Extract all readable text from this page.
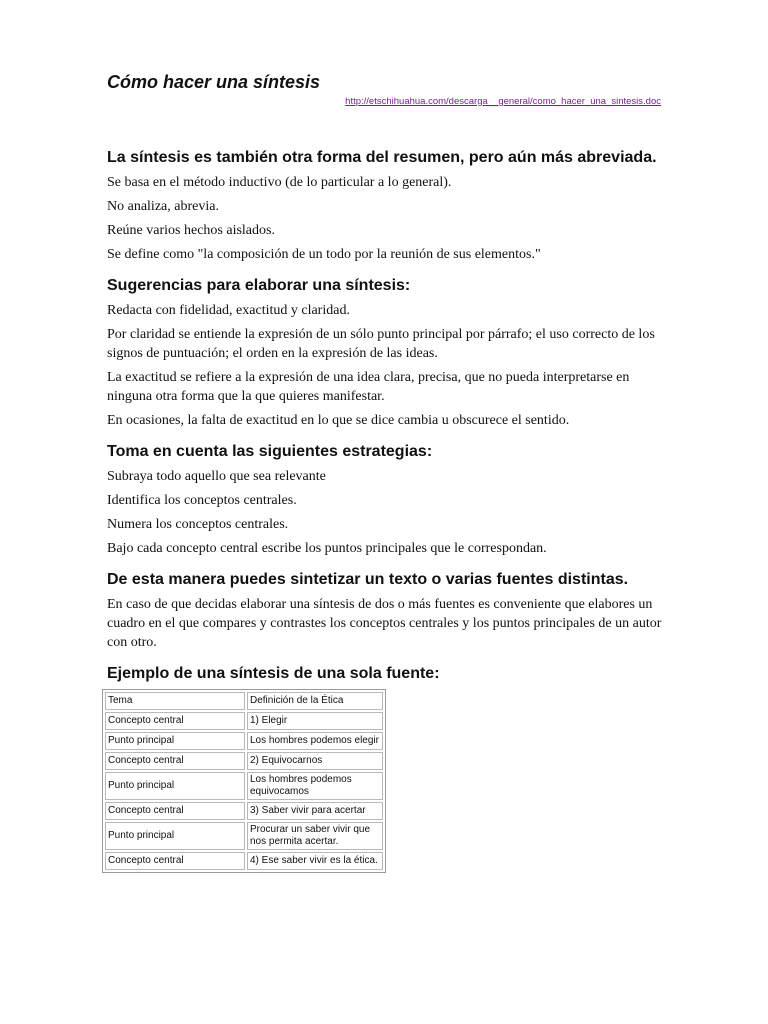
Cómo hacer una síntesis
http://etschihuahua.com/descarga__general/como_hacer_una_sintesis.doc
La síntesis es también otra forma del resumen, pero aún más abreviada.

Se basa en el método inductivo (de lo particular a lo general).

No analiza, abrevia.

Reúne varios hechos aislados.

Se define como "la composición de un todo por la reunión de sus elementos."

Sugerencias para elaborar una síntesis:

Redacta con fidelidad, exactitud y claridad.

Por claridad se entiende la expresión de un sólo punto principal por párrafo; el uso correcto de los signos de puntuación; el orden en la expresión de las ideas.

La exactitud se refiere a la expresión de una idea clara, precisa, que no pueda interpretarse en ninguna otra forma que la que quieres manifestar.

En ocasiones, la falta de exactitud en lo que se dice cambia u obscurece el sentido.

Toma en cuenta las siguientes estrategias:

Subraya todo aquello que sea relevante

Identifica los conceptos centrales.

Numera los conceptos centrales.

Bajo cada concepto central escribe los puntos principales que le correspondan.

De esta manera puedes sintetizar un texto o varias fuentes distintas.

En caso de que decidas elaborar una síntesis de dos o más fuentes es conveniente que elabores un cuadro en el que compares y contrastes los conceptos centrales y los puntos principales de un autor con otro.

Ejemplo de una síntesis de una sola fuente:
Tema	Definición de la Ética
Concepto central	1) Elegir
Punto principal	Los hombres podemos elegir
Concepto central	2) Equivocarnos
Punto principal	Los hombres podemos equivocamos
Concepto central	3) Saber vivir para acertar
Punto principal	Procurar un saber vivir que nos permita acertar.
Concepto central	4) Ese saber vivir es la ética.
